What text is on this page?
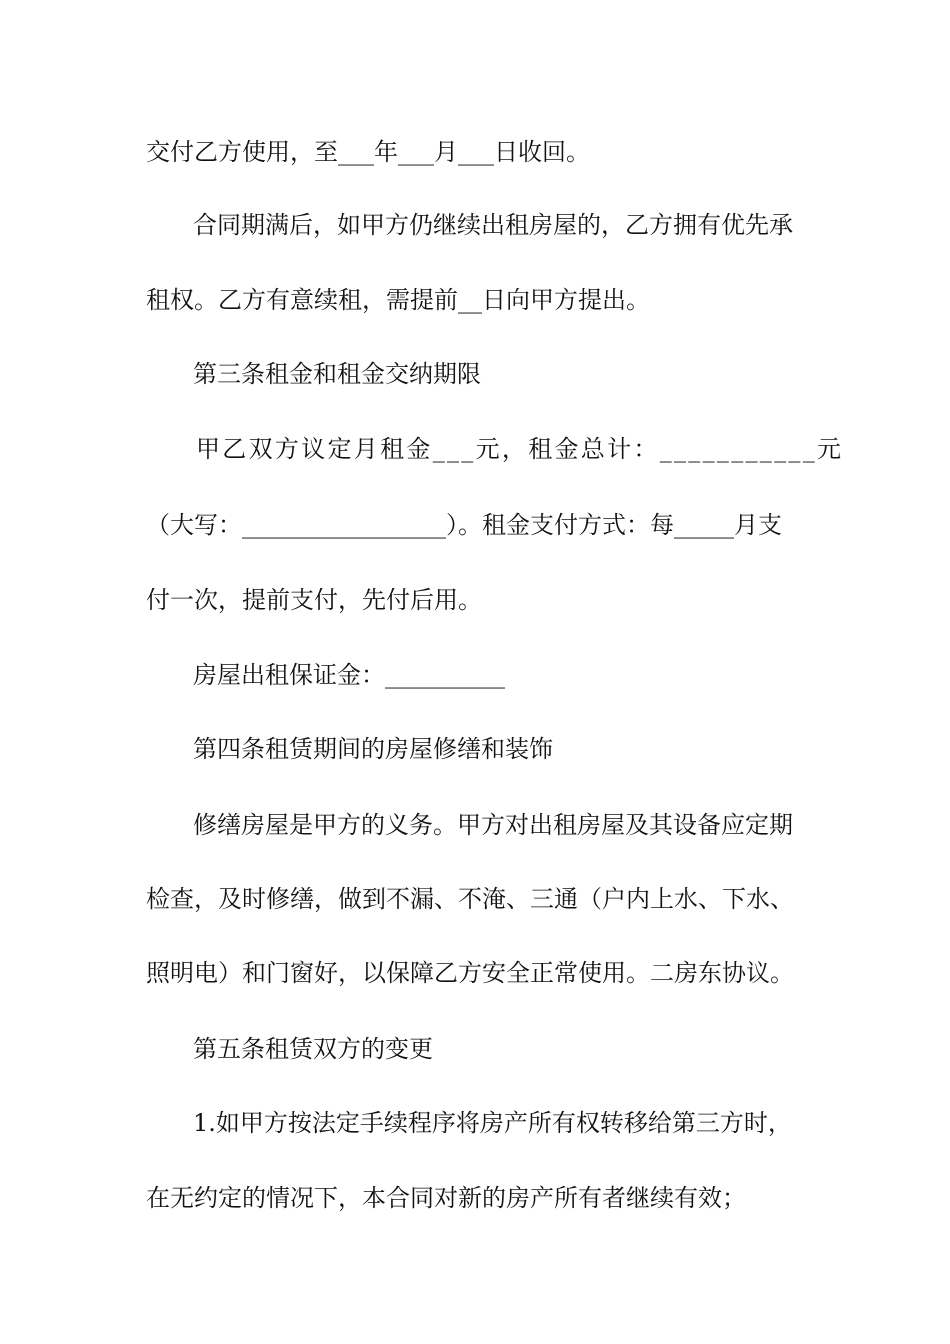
交付乙方使用，至___年___月___日收回。
合同期满后，如甲方仍继续出租房屋的，乙方拥有优先承
租权。乙方有意续租，需提前__日向甲方提出。
第三条租金和租金交纳期限
甲乙双方议定月租金___元，租金总计：___________元
（大写：_________________）。租金支付方式：每_____月支
付一次，提前支付，先付后用。
房屋出租保证金：__________
第四条租赁期间的房屋修缮和装饰
修缮房屋是甲方的义务。甲方对出租房屋及其设备应定期
检查，及时修缮，做到不漏、不淹、三通（户内上水、下水、
照明电）和门窗好，以保障乙方安全正常使用。二房东协议。
第五条租赁双方的变更
1.如甲方按法定手续程序将房产所有权转移给第三方时，
在无约定的情况下，本合同对新的房产所有者继续有效；
